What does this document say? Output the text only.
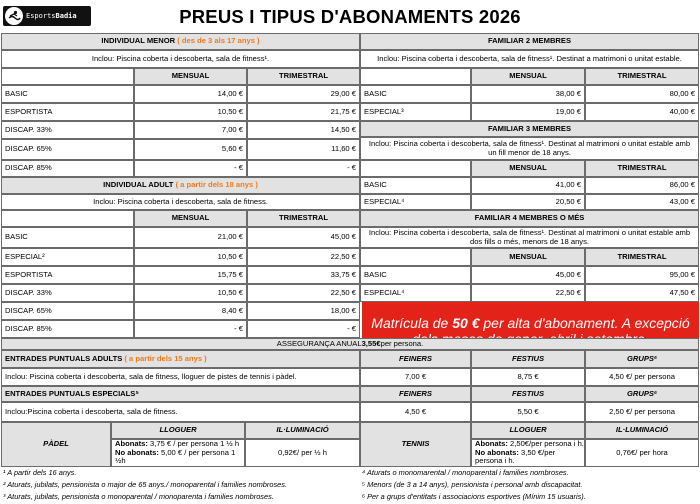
EsportsBadia	PREUS I TIPUS D'ABONAMENTS 2026
INDIVIDUAL MENOR
( des de 3 als 17 anys )
Inclou: Piscina coberta i descoberta, sala de fitness¹.
MENSUAL	TRIMESTRAL
BASIC	14,00 €	29,00 €
ESPORTISTA	10,50 €	21,75 €
DISCAP. 33%	7,00 €	14,50 €
DISCAP. 65%	5,60 €	11,60 €
DISCAP. 85%	- €	- €
INDIVIDUAL ADULT
( a partir dels 18 anys )
Inclou: Piscina coberta i descoberta, sala de fitness.
MENSUAL	TRIMESTRAL
BASIC	21,00 €	45,00 €
ESPECIAL²	10,50 €	22,50 €
ESPORTISTA	15,75 €	33,75 €
DISCAP. 33%	10,50 €	22,50 €
DISCAP. 65%	8,40 €	18,00 €
DISCAP. 85%	- €	- €
FAMILIAR 2 MEMBRES
Inclou: Piscina coberta i descoberta, sala de fitness¹. Destinat a matrimoni o unitat estable.
MENSUAL	TRIMESTRAL
BASIC	38,00 €	80,00 €
ESPECIAL³	19,00 €	40,00 €
FAMILIAR 3 MEMBRES
Inclou: Piscina coberta i descoberta, sala de fitness¹. Destinat al matrimoni o unitat estable amb un fill menor de 18 anys.
MENSUAL	TRIMESTRAL
BASIC	41,00 €	86,00 €
ESPECIAL⁴	20,50 €	43,00 €
FAMILIAR 4 MEMBRES O MÉS
Inclou: Piscina coberta i descoberta, sala de fitness¹. Destinat al matrimoni o unitat estable amb dos fills o més, menors de 18 anys.
MENSUAL	TRIMESTRAL
BASIC	45,00 €	95,00 €
ESPECIAL⁴	22,50 €	47,50 €
Matrícula de 50 € per alta d'abonament. A excepció
ASSEGURANÇA ANUAL 3,55€ per persona.
ENTRADES PUNTUALS ADULTS
( a partir dels 15 anys )	FEINERS	FESTIUS	GRUPS⁶
Inclou: Piscina coberta i descoberta, sala de fitness, lloguer de pistes de tennis i pàdel.	7,00 €	8,75 €	4,50 €/ per persona
ENTRADES PUNTUALS ESPECIALS⁵	FEINERS	FESTIUS	GRUPS⁶
Inclou:Piscina coberta i descoberta, sala de fitness.	4,50 €	5,50 €	2,50 €/ per persona
PÀDEL
LLOGUER	IL·LUMINACIÓ
Abonats: 3,75 € / per persona 1 ½ h
No abonats: 5,00 € / per persona 1 ½h
0,92€/ per ½ h
TENNIS
LLOGUER	IL·LUMINACIÓ
Abonats: 2,50€/per persona i h.
No abonats: 3,50 €/per persona i h.
0,76€/ per hora
¹ A partir dels 16 anys.
² Aturats, jubilats, pensionista o major de 65 anys./ monoparental i families nombroses.
³ Aturats, jubilats, pensionista o monoparental / monoparenta i families nombroses.
⁴ Aturats o monomarental / monoparental i families nombroses.
⁵ Menors (de 3 a 14 anys), pensionista i personal amb discapacitat.
⁶ Per a grups d'entitats i associacions esportives (Mínim 15 usuaris).
